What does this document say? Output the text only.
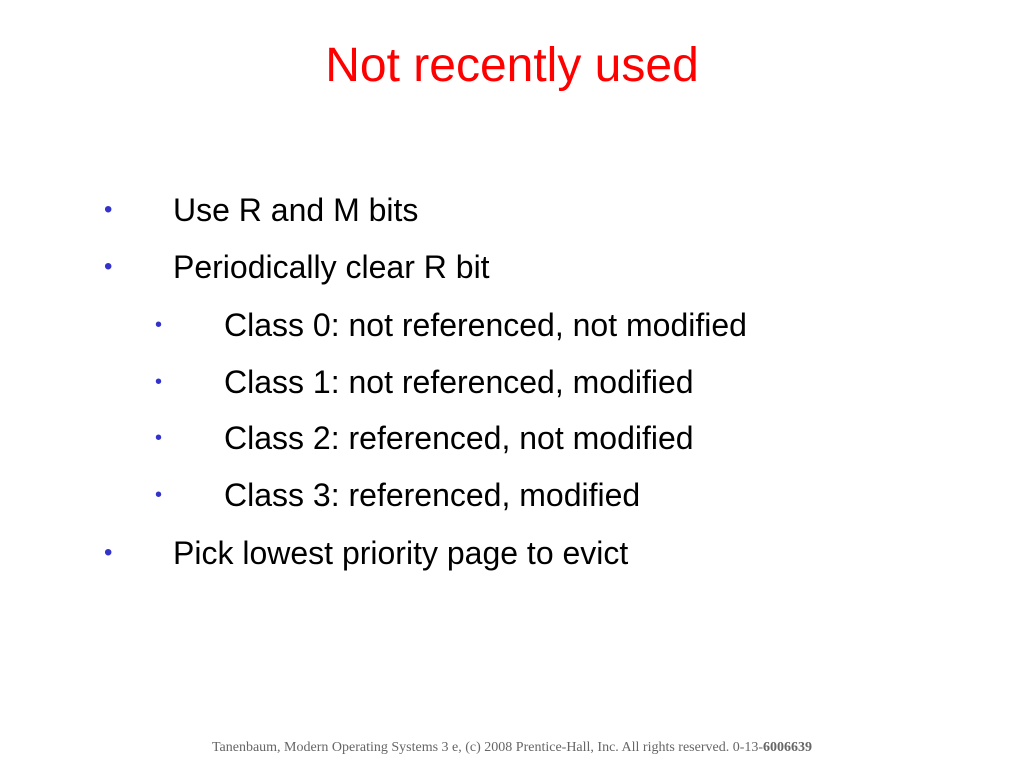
Not recently used
• Use R and M bits
• Periodically clear R bit
• Class 0: not referenced, not modified
• Class 1: not referenced, modified
• Class 2: referenced, not modified
• Class 3: referenced, modified
• Pick lowest priority page to evict
Tanenbaum, Modern Operating Systems 3 e, (c) 2008 Prentice-Hall, Inc. All rights reserved. 0-13-6006639
